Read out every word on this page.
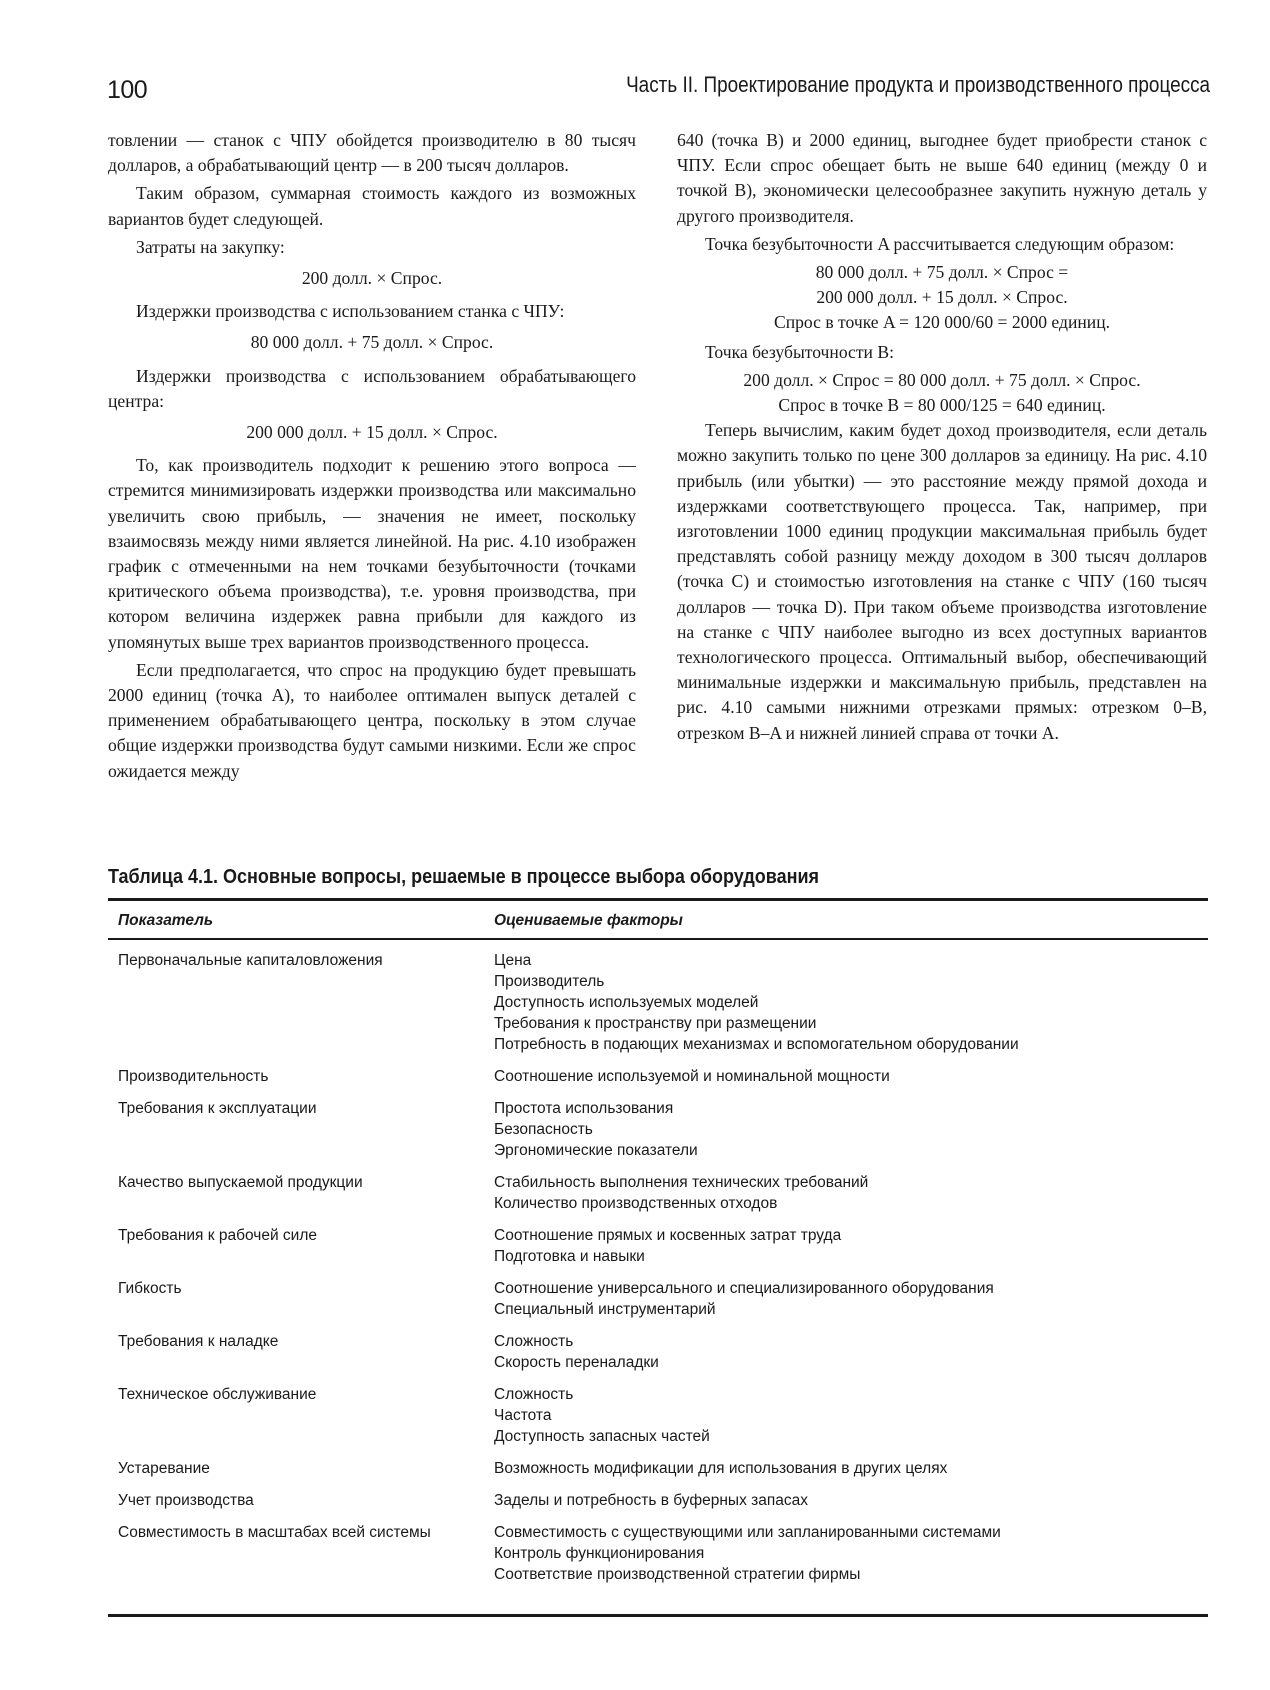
100	Часть II. Проектирование продукта и производственного процесса

товлении — станок с ЧПУ обойдется производителю в 80 тысяч долларов, а обрабатывающий центр — в 200 тысяч долларов.

Таким образом, суммарная стоимость каждого из возможных вариантов будет следующей.

Затраты на закупку:

200 долл. × Спрос.

Издержки производства с использованием станка с ЧПУ:

80 000 долл. + 75 долл. × Спрос.

Издержки производства с использованием обрабатывающего центра:

200 000 долл. + 15 долл. × Спрос.

То, как производитель подходит к решению этого вопроса — стремится минимизировать издержки производства или максимально увеличить свою прибыль, — значения не имеет, поскольку взаимосвязь между ними является линейной. На рис. 4.10 изображен график с отмеченными на нем точками безубыточности (точками критического объема производства), т.е. уровня производства, при котором величина издержек равна прибыли для каждого из упомянутых выше трех вариантов производственного процесса.

Если предполагается, что спрос на продукцию будет превышать 2000 единиц (точка A), то наиболее оптимален выпуск деталей с применением обрабатывающего центра, поскольку в этом случае общие издержки производства будут самыми низкими. Если же спрос ожидается между

640 (точка B) и 2000 единиц, выгоднее будет приобрести станок с ЧПУ. Если спрос обещает быть не выше 640 единиц (между 0 и точкой B), экономически целесообразнее закупить нужную деталь у другого производителя.

Точка безубыточности A рассчитывается следующим образом:

80 000 долл. + 75 долл. × Спрос =

200 000 долл. + 15 долл. × Спрос.

Спрос в точке A = 120 000/60 = 2000 единиц.

Точка безубыточности B:

200 долл. × Спрос = 80 000 долл. + 75 долл. × Спрос.

Спрос в точке B = 80 000/125 = 640 единиц.

Теперь вычислим, каким будет доход производителя, если деталь можно закупить только по цене 300 долларов за единицу. На рис. 4.10 прибыль (или убытки) — это расстояние между прямой дохода и издержками соответствующего процесса. Так, например, при изготовлении 1000 единиц продукции максимальная прибыль будет представлять собой разницу между доходом в 300 тысяч долларов (точка C) и стоимостью изготовления на станке с ЧПУ (160 тысяч долларов — точка D). При таком объеме производства изготовление на станке с ЧПУ наиболее выгодно из всех доступных вариантов технологического процесса. Оптимальный выбор, обеспечивающий минимальные издержки и максимальную прибыль, представлен на рис. 4.10 самыми нижними отрезками прямых: отрезком 0–B, отрезком B–A и нижней линией справа от точки A.

Таблица 4.1. Основные вопросы, решаемые в процессе выбора оборудования
Показатель	Оцениваемые факторы
Первоначальные капиталовложения	Цена
Производитель
Доступность используемых моделей
Требования к пространству при размещении
Потребность в подающих механизмах и вспомогательном оборудовании
Производительность	Соотношение используемой и номинальной мощности
Требования к эксплуатации	Простота использования
Безопасность
Эргономические показатели
Качество выпускаемой продукции	Стабильность выполнения технических требований
Количество производственных отходов
Требования к рабочей силе	Соотношение прямых и косвенных затрат труда
Подготовка и навыки
Гибкость	Соотношение универсального и специализированного оборудования
Специальный инструментарий
Требования к наладке	Сложность
Скорость переналадки
Техническое обслуживание	Сложность
Частота
Доступность запасных частей
Устаревание	Возможность модификации для использования в других целях
Учет производства	Заделы и потребность в буферных запасах
Совместимость в масштабах всей системы	Совместимость с существующими или запланированными системами
Контроль функционирования
Соответствие производственной стратегии фирмы
